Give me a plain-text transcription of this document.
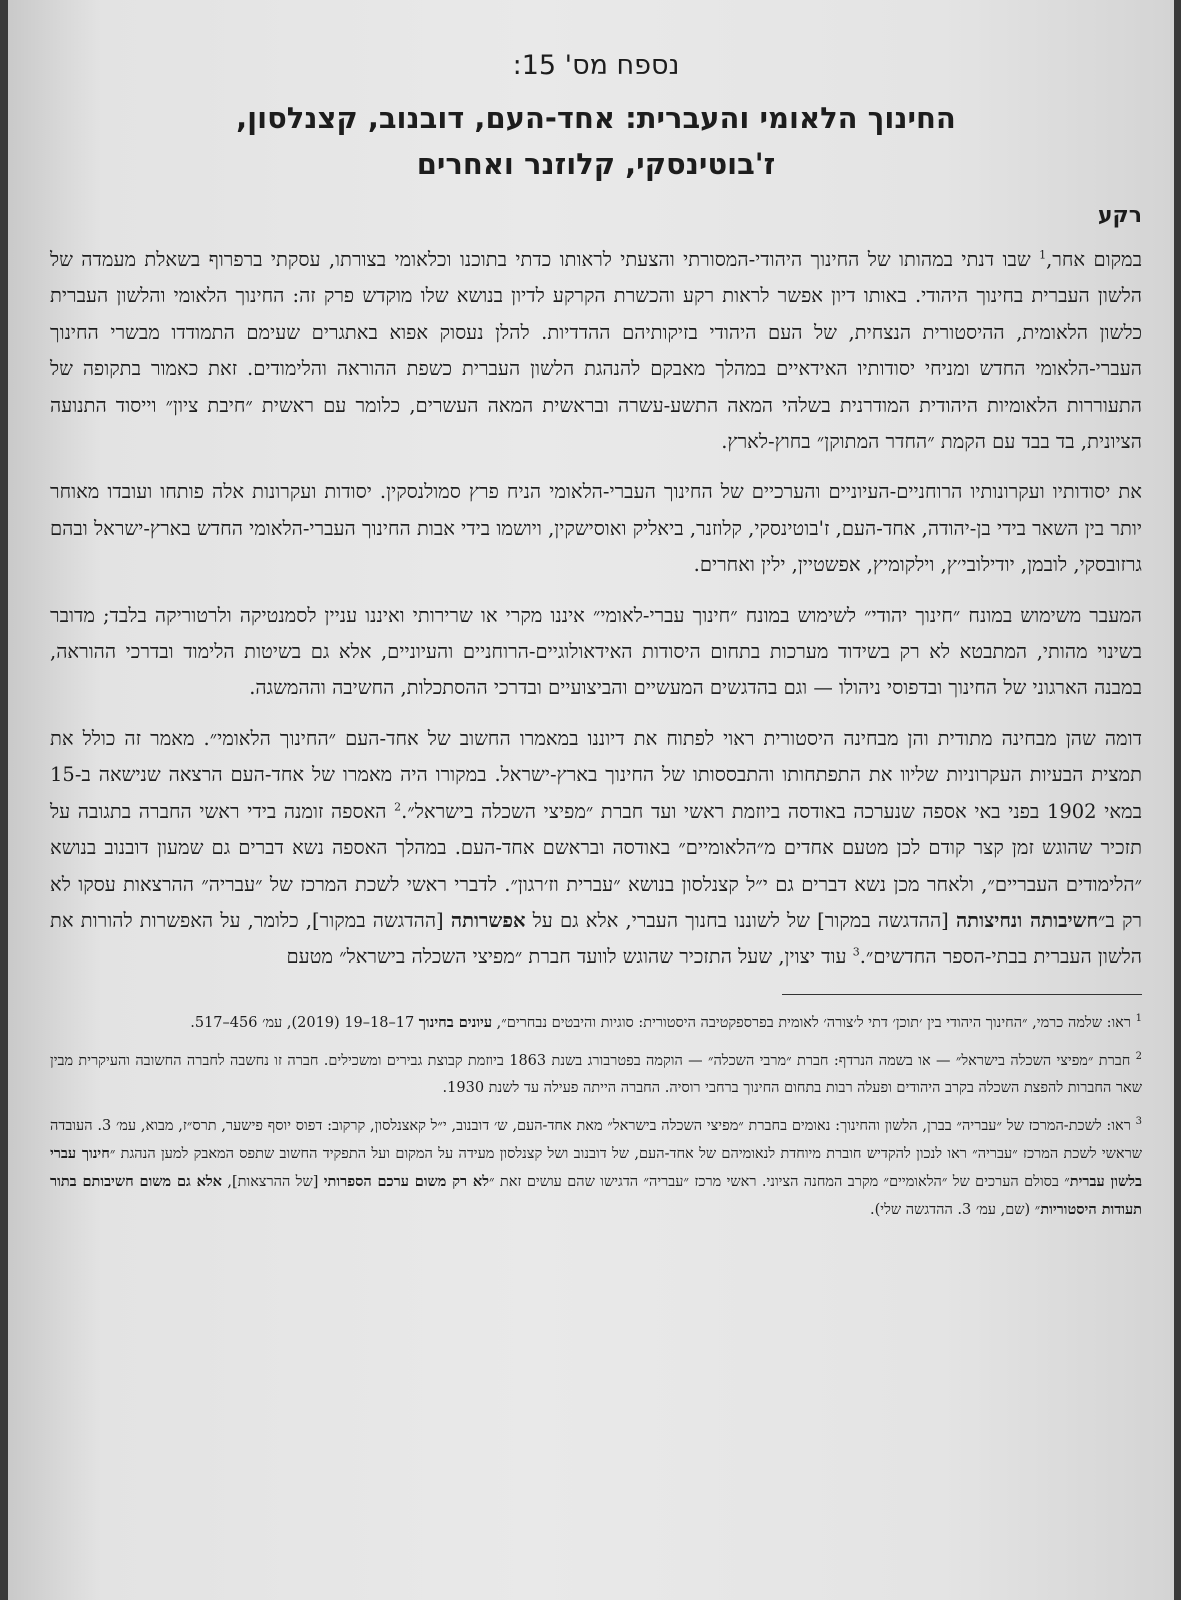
נספח מס' 15:
החינוך הלאומי והעברית: אחד-העם, דובנוב, קצנלסון,
ז'בוטינסקי, קלוזנר ואחרים
רקע

במקום אחר,$^1$ שבו דנתי במהותו של החינוך היהודי-המסורתי והצעתי לראותו כדתי בתוכנו וכלאומי בצורתו, עסקתי ברפרוף בשאלת מעמדה של הלשון העברית בחינוך היהודי. באותו דיון אפשר לראות רקע והכשרת הקרקע לדיון בנושא שלו מוקדש פרק זה: החינוך הלאומי והלשון העברית כלשון הלאומית, ההיסטורית הנצחית, של העם היהודי בזיקותיהם ההדדיות. להלן נעסוק אפוא באתגרים שעימם התמודדו מבשרי החינוך העברי-הלאומי החדש ומניחי יסודותיו האידאיים במהלך מאבקם להנהגת הלשון העברית כשפת ההוראה והלימודים. זאת כאמור בתקופה של התעוררות הלאומיות היהודית המודרנית בשלהי המאה התשע-עשרה ובראשית המאה העשרים, כלומר עם ראשית ״חיבת ציון״ וייסוד התנועה הציונית, בד בבד עם הקמת ״החדר המתוקן״ בחוץ-לארץ.

את יסודותיו ועקרונותיו הרוחניים-העיוניים והערכיים של החינוך העברי-הלאומי הניח פרץ סמולנסקין. יסודות ועקרונות אלה פותחו ועובדו מאוחר יותר בין השאר בידי בן-יהודה, אחד-העם, ז'בוטינסקי, קלוזנר, ביאליק ואוסישקין, ויושמו בידי אבות החינוך העברי-הלאומי החדש בארץ-ישראל ובהם גרזובסקי, לובמן, יודילובי׳ץ, וילקומיץ, אפשטיין, ילין ואחרים.

המעבר משימוש במונח ״חינוך יהודי״ לשימוש במונח ״חינוך עברי-לאומי״ איננו מקרי או שרירותי ואיננו עניין לסמנטיקה ולרטוריקה בלבד; מדובר בשינוי מהותי, המתבטא לא רק בשידוד מערכות בתחום היסודות האידאולוגיים-הרוחניים והעיוניים, אלא גם בשיטות הלימוד ובדרכי ההוראה, במבנה הארגוני של החינוך ובדפוסי ניהולו — וגם בהדגשים המעשיים והביצועיים ובדרכי ההסתכלות, החשיבה וההמשגה.

דומה שהן מבחינה מתודית והן מבחינה היסטורית ראוי לפתוח את דיוננו במאמרו החשוב של אחד-העם ״החינוך הלאומי״. מאמר זה כולל את תמצית הבעיות העקרוניות שליוו את התפתחותו והתבססותו של החינוך בארץ-ישראל. במקורו היה מאמרו של אחד-העם הרצאה שנישאה ב-15 במאי 1902 בפני באי אספה שנערכה באודסה ביוזמת ראשי ועד חברת ״מפיצי השכלה בישראל״.$^2$ האספה זומנה בידי ראשי החברה בתגובה על תזכיר שהוגש זמן קצר קודם לכן מטעם אחדים מ״הלאומיים״ באודסה ובראשם אחד-העם. במהלך האספה נשא דברים גם שמעון דובנוב בנושא ״הלימודים העבריים״, ולאחר מכן נשא דברים גם י״ל קצנלסון בנושא ״עברית וז׳רגון״. לדברי ראשי לשכת המרכז של ״עבריה״ ההרצאות עסקו לא רק ב״חשיבותה ונחיצותה [ההדגשה במקור] של לשוננו בחנוך העברי, אלא גם על אפשרותה [ההדגשה במקור], כלומר, על האפשרות להורות את הלשון העברית בבתי-הספר החדשים״.$^3$ עוד יצוין, שעל התזכיר שהוגש לוועד חברת ״מפיצי השכלה בישראל״ מטעם

$^1$ ראו: שלמה כרמי, ״החינוך היהודי בין ׳תוכן׳ דתי ל׳צורה׳ לאומית בפרספקטיבה היסטורית: סוגיות והיבטים נבחרים״, עיונים בחינוך 17–18–19 (2019), עמ׳ 456–517.

$^2$ חברת ״מפיצי השכלה בישראל״ — או בשמה הנרדף: חברת ״מרבי השכלה״ — הוקמה בפטרבורג בשנת 1863 ביוזמת קבוצת גבירים ומשכילים. חברה זו נחשבה לחברה החשובה והעיקרית מבין שאר החברות להפצת השכלה בקרב היהודים ופעלה רבות בתחום החינוך ברחבי רוסיה. החברה הייתה פעילה עד לשנת 1930.

$^3$ ראו: לשכת-המרכז של ״עבריה״ בברן, הלשון והחינוך: נאומים בחברת ״מפיצי השכלה בישראל״ מאת אחד-העם, ש׳ דובנוב, י״ל קאצנלסון, קרקוב: דפוס יוסף פישער, תרס״ז, מבוא, עמ׳ 3. העובדה שראשי לשכת המרכז ״עבריה״ ראו לנכון להקדיש חוברת מיוחדת לנאומיהם של אחד-העם, של דובנוב ושל קצנלסון מעידה על המקום ועל התפקיד החשוב שתפס המאבק למען הנהגת ״חינוך עברי בלשון עברית״ בסולם הערכים של ״הלאומיים״ מקרב המחנה הציוני. ראשי מרכז ״עבריה״ הדגישו שהם עושים זאת ״לא רק משום ערכם הספרותי [של ההרצאות], אלא גם משום חשיבותם בתור תעודות היסטוריות״ (שם, עמ׳ 3. ההדגשה שלי).
